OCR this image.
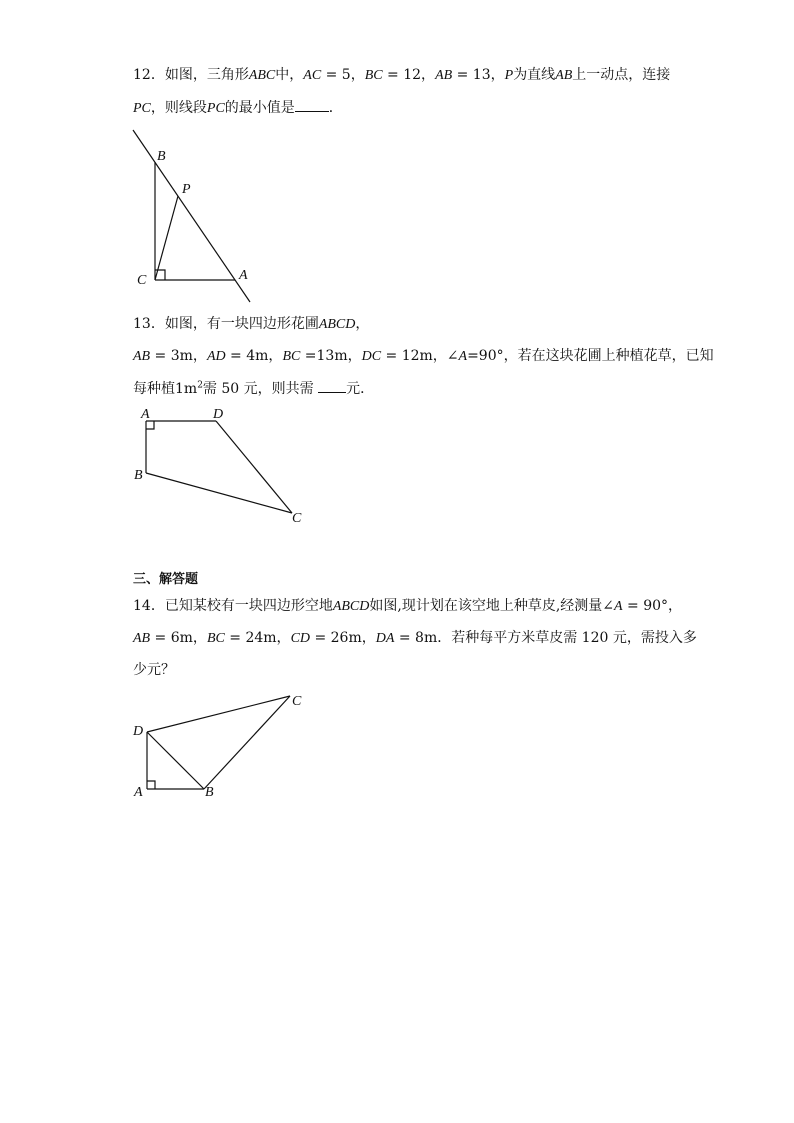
12．如图，三角形ABC中，AC = 5，BC = 12，AB = 13，P为直线AB上一动点，连接
PC，则线段PC的最小值是 ．
B
P
C	A
13．如图，有一块四边形花圃ABCD，
AB = 3m，AD = 4m，BC =13m，DC = 12m，∠A=90°，若在这块花圃上种植花草，已知
每种植$1m^2$需 50 元，则共需 元．
A	D
B
C
三、解答题
14．已知某校有一块四边形空地ABCD如图,现计划在该空地上种草皮,经测量∠A = 90°，
AB = 6m，BC = 24m，CD = 26m，DA = 8m．若种每平方米草皮需 120 元，需投入多
少元？
C
D
A	B
